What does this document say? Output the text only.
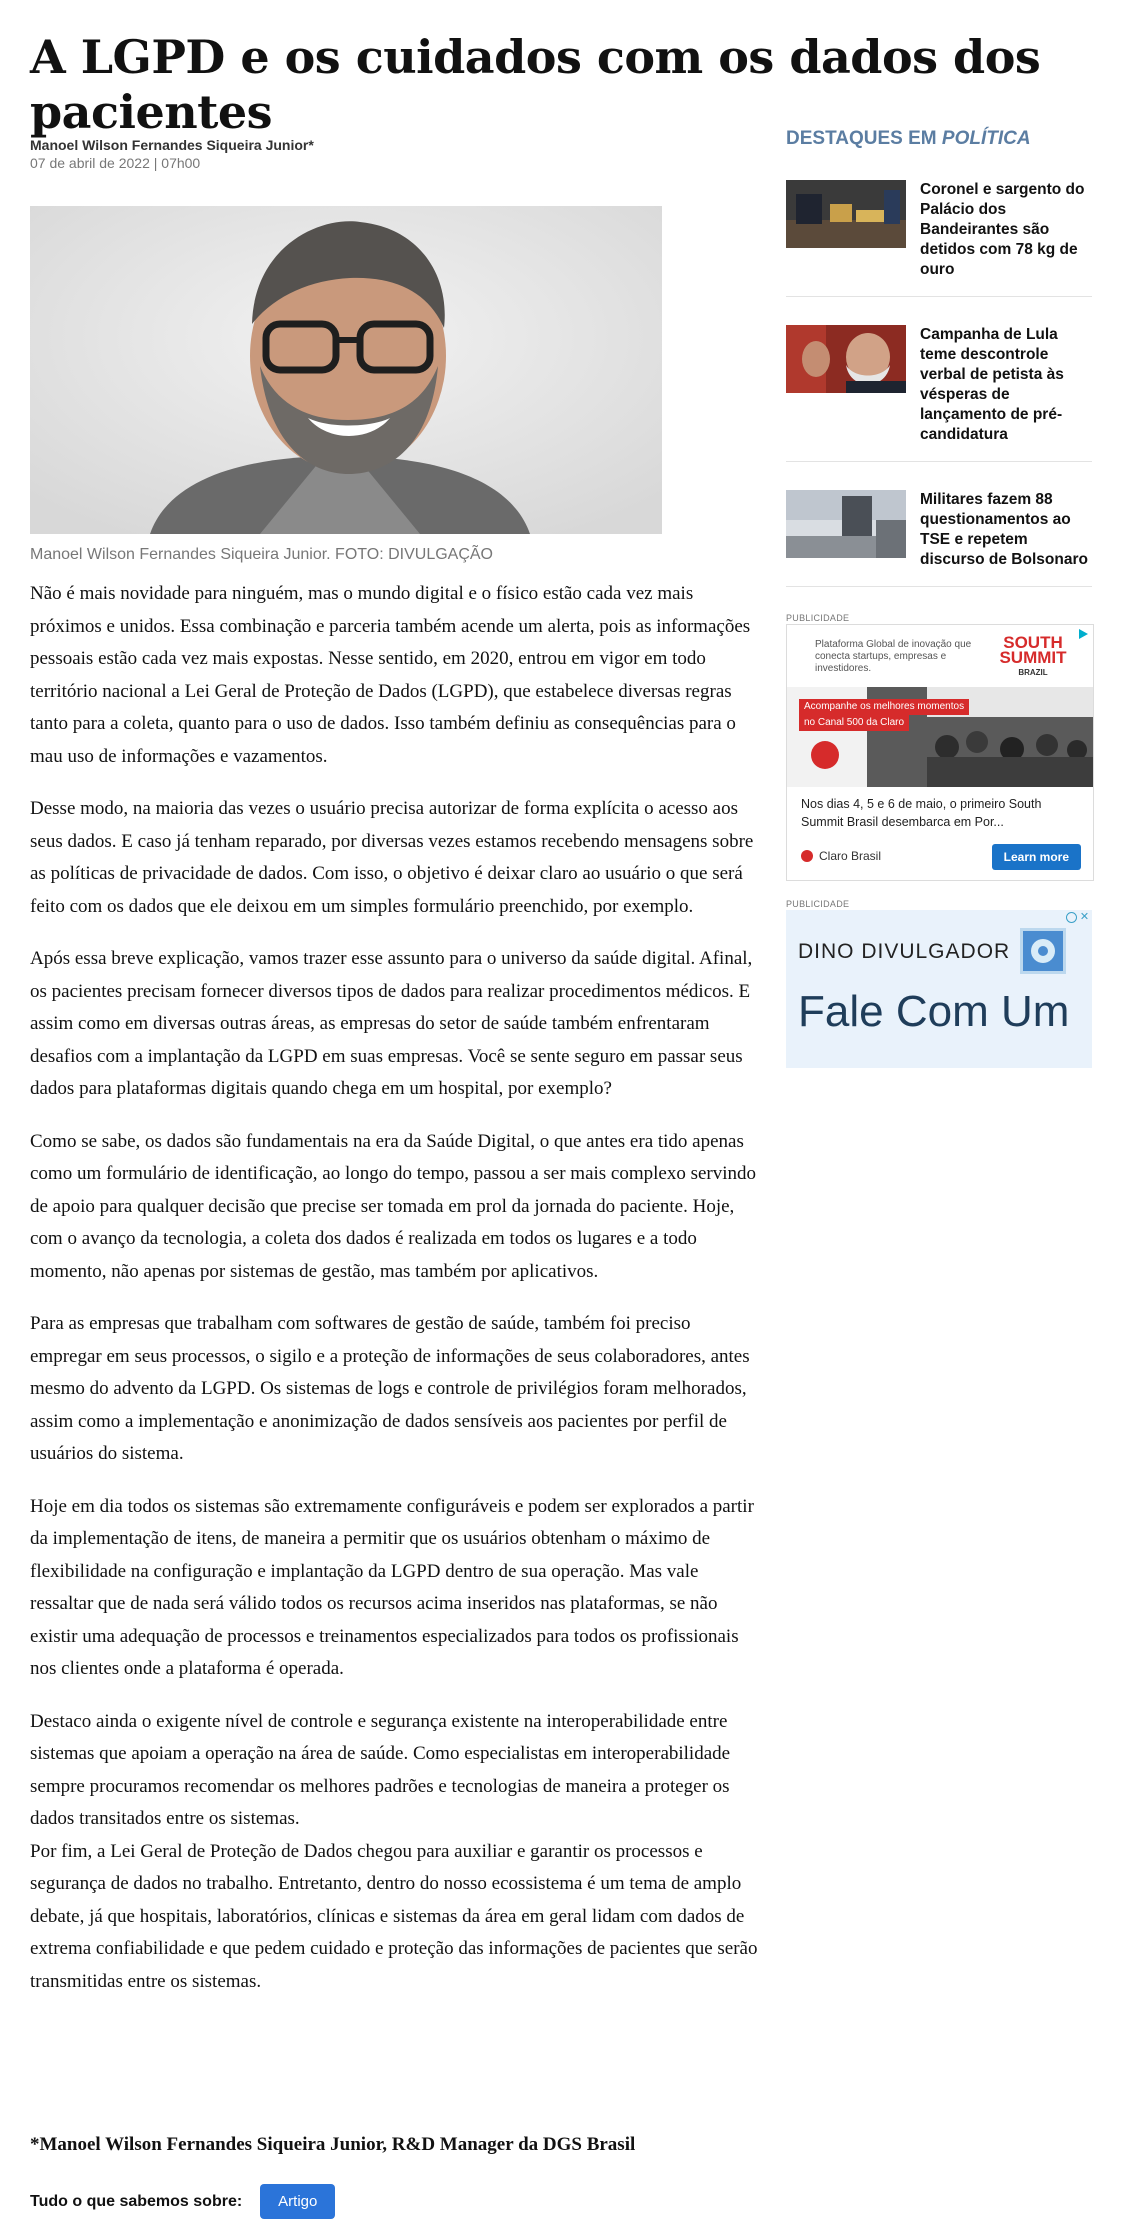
A LGPD e os cuidados com os dados dos pacientes
Manoel Wilson Fernandes Siqueira Junior*
07 de abril de 2022 | 07h00
Manoel Wilson Fernandes Siqueira Junior. FOTO: DIVULGAÇÃO

Não é mais novidade para ninguém, mas o mundo digital e o físico estão cada vez mais próximos e unidos. Essa combinação e parceria também acende um alerta, pois as informações pessoais estão cada vez mais expostas. Nesse sentido, em 2020, entrou em vigor em todo território nacional a Lei Geral de Proteção de Dados (LGPD), que estabelece diversas regras tanto para a coleta, quanto para o uso de dados. Isso também definiu as consequências para o mau uso de informações e vazamentos.

Desse modo, na maioria das vezes o usuário precisa autorizar de forma explícita o acesso aos seus dados. E caso já tenham reparado, por diversas vezes estamos recebendo mensagens sobre as políticas de privacidade de dados. Com isso, o objetivo é deixar claro ao usuário o que será feito com os dados que ele deixou em um simples formulário preenchido, por exemplo.

Após essa breve explicação, vamos trazer esse assunto para o universo da saúde digital. Afinal, os pacientes precisam fornecer diversos tipos de dados para realizar procedimentos médicos. E assim como em diversas outras áreas, as empresas do setor de saúde também enfrentaram desafios com a implantação da LGPD em suas empresas. Você se sente seguro em passar seus dados para plataformas digitais quando chega em um hospital, por exemplo?

Como se sabe, os dados são fundamentais na era da Saúde Digital, o que antes era tido apenas como um formulário de identificação, ao longo do tempo, passou a ser mais complexo servindo de apoio para qualquer decisão que precise ser tomada em prol da jornada do paciente. Hoje, com o avanço da tecnologia, a coleta dos dados é realizada em todos os lugares e a todo momento, não apenas por sistemas de gestão, mas também por aplicativos.

Para as empresas que trabalham com softwares de gestão de saúde, também foi preciso empregar em seus processos, o sigilo e a proteção de informações de seus colaboradores, antes mesmo do advento da LGPD. Os sistemas de logs e controle de privilégios foram melhorados, assim como a implementação e anonimização de dados sensíveis aos pacientes por perfil de usuários do sistema.

Hoje em dia todos os sistemas são extremamente configuráveis e podem ser explorados a partir da implementação de itens, de maneira a permitir que os usuários obtenham o máximo de flexibilidade na configuração e implantação da LGPD dentro de sua operação. Mas vale ressaltar que de nada será válido todos os recursos acima inseridos nas plataformas, se não existir uma adequação de processos e treinamentos especializados para todos os profissionais nos clientes onde a plataforma é operada.

Destaco ainda o exigente nível de controle e segurança existente na interoperabilidade entre sistemas que apoiam a operação na área de saúde. Como especialistas em interoperabilidade sempre procuramos recomendar os melhores padrões e tecnologias de maneira a proteger os dados transitados entre os sistemas.

Por fim, a Lei Geral de Proteção de Dados chegou para auxiliar e garantir os processos e segurança de dados no trabalho. Entretanto, dentro do nosso ecossistema é um tema de amplo debate, já que hospitais, laboratórios, clínicas e sistemas da área em geral lidam com dados de extrema confiabilidade e que pedem cuidado e proteção das informações de pacientes que serão transmitidas entre os sistemas.

*Manoel Wilson Fernandes Siqueira Junior, R&D Manager da DGS Brasil
Tudo o que sabemos sobre:	Artigo
DESTAQUES EM POLÍTICA
Coronel e sargento do Palácio dos Bandeirantes são detidos com 78 kg de ouro
Campanha de Lula teme descontrole verbal de petista às vésperas de lançamento de pré-candidatura
Militares fazem 88 questionamentos ao TSE e repetem discurso de Bolsonaro
PUBLICIDADE
Plataforma Global de inovação que conecta startups, empresas e investidores.
SOUTH
SUMMIT
BRAZIL
Acompanhe os melhores momentos
no Canal 500 da Claro
Nos dias 4, 5 e 6 de maio, o primeiro South Summit Brasil desembarca em Por...
Claro Brasil	Learn more
PUBLICIDADE
✕
DINO DIVULGADOR
Fale Com Um
